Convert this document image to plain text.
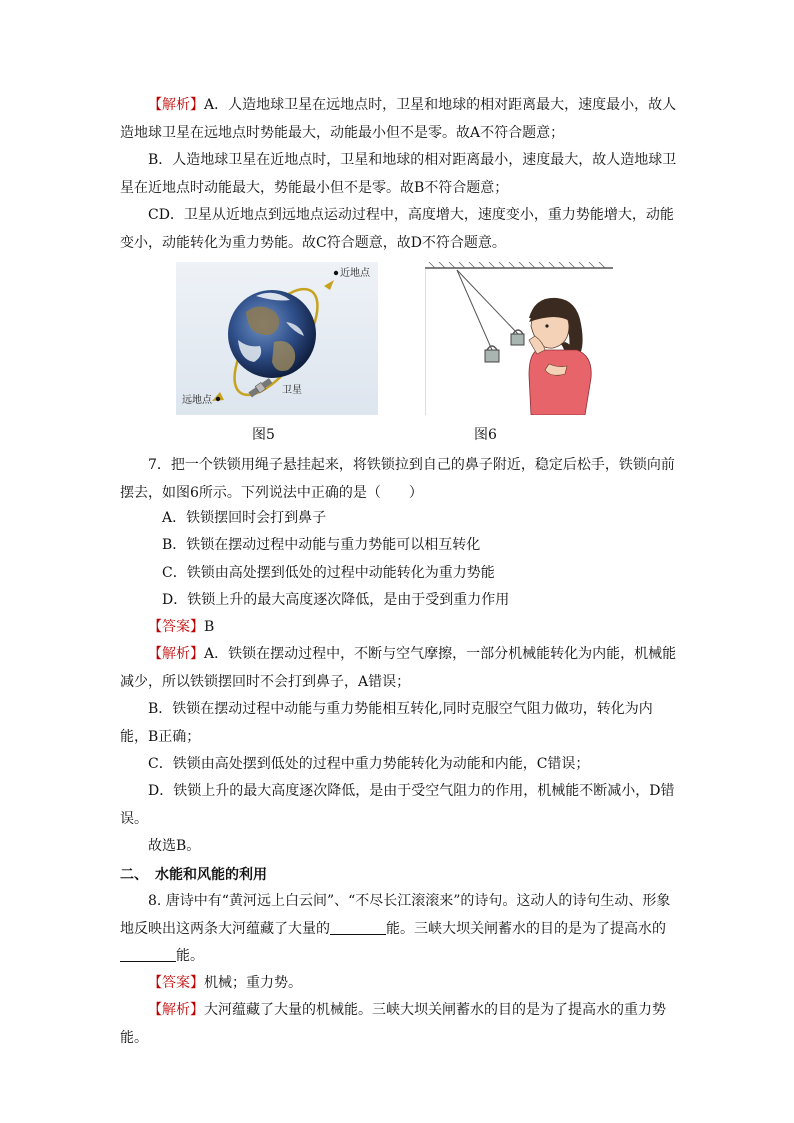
【解析】A．人造地球卫星在远地点时，卫星和地球的相对距离最大，速度最小，故人造地球卫星在远地点时势能最大，动能最小但不是零。故A不符合题意；

B．人造地球卫星在近地点时，卫星和地球的相对距离最小，速度最大，故人造地球卫星在近地点时动能最大，势能最小但不是零。故B不符合题意；

CD．卫星从近地点到远地点运动过程中，高度增大，速度变小，重力势能增大，动能变小，动能转化为重力势能。故C符合题意，故D不符合题意。

近地点
远地点
卫星
图5	图6

7．把一个铁锁用绳子悬挂起来，将铁锁拉到自己的鼻子附近，稳定后松手，铁锁向前摆去，如图6所示。下列说法中正确的是（　　）

A．铁锁摆回时会打到鼻子

B．铁锁在摆动过程中动能与重力势能可以相互转化

C．铁锁由高处摆到低处的过程中动能转化为重力势能

D．铁锁上升的最大高度逐次降低，是由于受到重力作用

【答案】B

【解析】A．铁锁在摆动过程中，不断与空气摩擦，一部分机械能转化为内能，机械能减少，所以铁锁摆回时不会打到鼻子，A错误；

B．铁锁在摆动过程中动能与重力势能相互转化,同时克服空气阻力做功，转化为内能，B正确；

C．铁锁由高处摆到低处的过程中重力势能转化为动能和内能，C错误；

D．铁锁上升的最大高度逐次降低，是由于受空气阻力的作用，机械能不断减小，D错误。

故选B。

二、　水能和风能的利用

8. 唐诗中有“黄河远上白云间”、“不尽长江滚滚来”的诗句。这动人的诗句生动、形象地反映出这两条大河蕴藏了大量的	能。三峡大坝关闸蓄水的目的是为了提高水的
能。

【答案】机械；重力势。

【解析】大河蕴藏了大量的机械能。三峡大坝关闸蓄水的目的是为了提高水的重力势能。
